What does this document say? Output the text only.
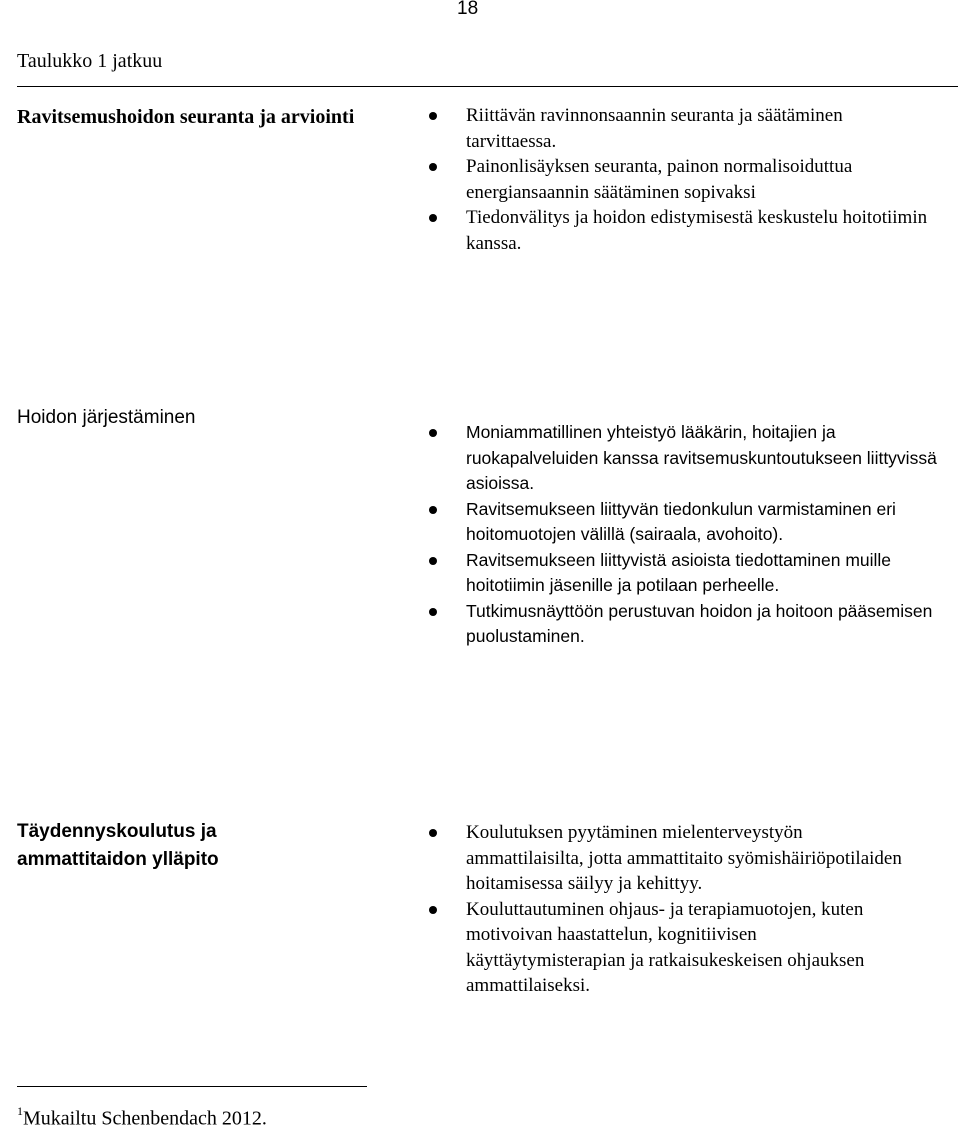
18
Taulukko 1 jatkuu
Ravitsemushoidon seuranta ja arviointi	Riittävän ravinnonsaannin seuranta ja säätäminen tarvittaessa.
Painonlisäyksen seuranta, painon normalisoiduttua energiansaannin säätäminen sopivaksi
Tiedonvälitys ja hoidon edistymisestä keskustelu hoitotiimin kanssa.
Hoidon järjestäminen
Moniammatillinen yhteistyö lääkärin, hoitajien ja ruokapalveluiden kanssa ravitsemuskuntoutukseen liittyvissä asioissa.
Ravitsemukseen liittyvän tiedonkulun varmistaminen eri hoitomuotojen välillä (sairaala, avohoito).
Ravitsemukseen liittyvistä asioista tiedottaminen muille hoitotiimin jäsenille ja potilaan perheelle.
Tutkimusnäyttöön perustuvan hoidon ja hoitoon pääsemisen puolustaminen.
Täydennyskoulutus ja ammattitaidon ylläpito
Koulutuksen pyytäminen mielenterveystyön ammattilaisilta, jotta ammattitaito syömishäiriöpotilaiden hoitamisessa säilyy ja kehittyy.
Kouluttautuminen ohjaus- ja terapiamuotojen, kuten motivoivan haastattelun, kognitiivisen käyttäytymisterapian ja ratkaisukeskeisen ohjauksen ammattilaiseksi.
$^1$Mukailtu Schenbendach 2012.
